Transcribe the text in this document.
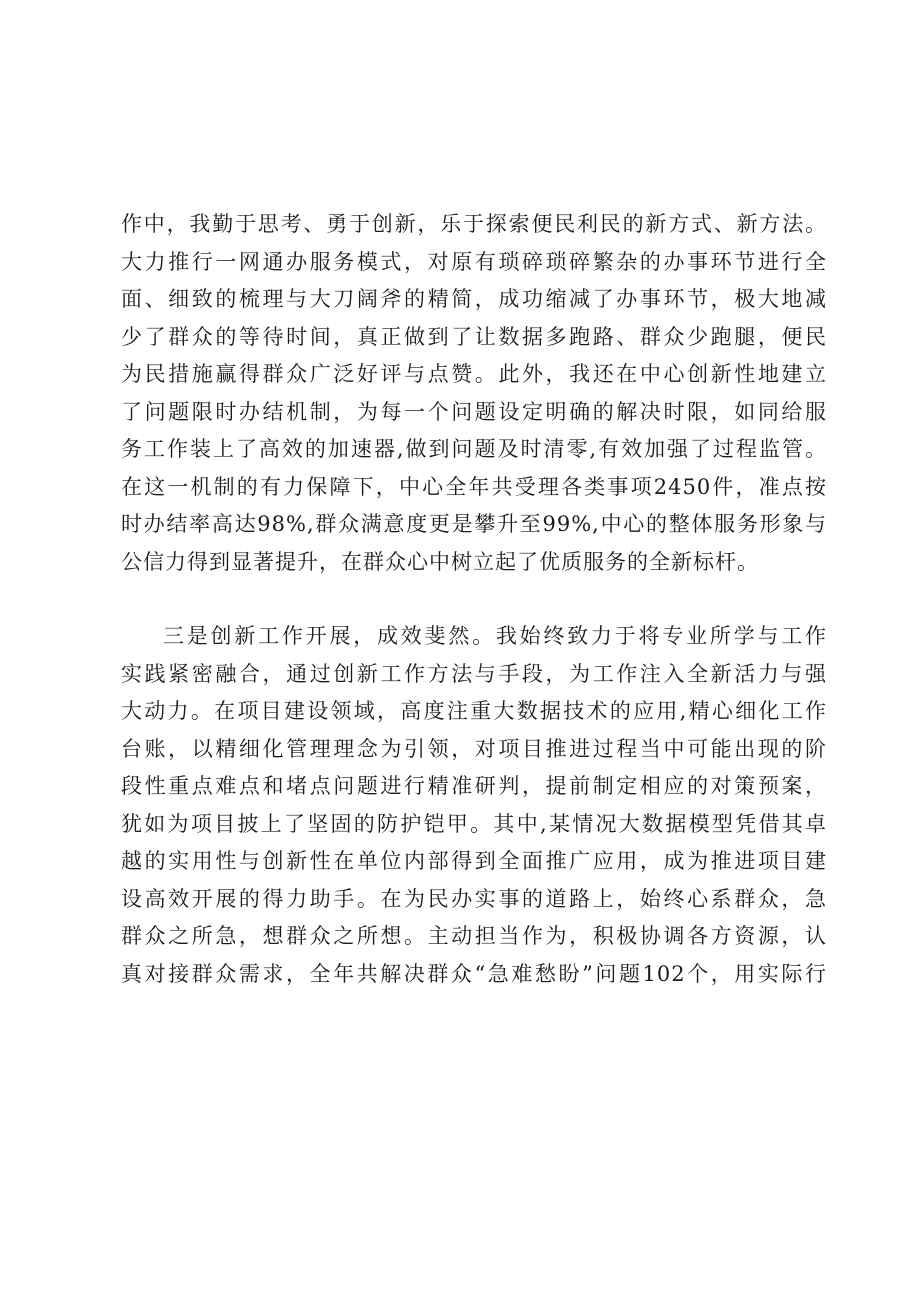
作中，我勤于思考、勇于创新，乐于探索便民利民的新方式、新方法。
大力推行一网通办服务模式，对原有琐碎琐碎繁杂的办事环节进行全
面、细致的梳理与大刀阔斧的精简，成功缩减了办事环节，极大地减
少了群众的等待时间，真正做到了让数据多跑路、群众少跑腿，便民
为民措施赢得群众广泛好评与点赞。此外，我还在中心创新性地建立
了问题限时办结机制，为每一个问题设定明确的解决时限，如同给服
务工作装上了高效的加速器,做到问题及时清零,有效加强了过程监管。
在这一机制的有力保障下，中心全年共受理各类事项2450件，准点按
时办结率高达98%,群众满意度更是攀升至99%,中心的整体服务形象与
公信力得到显著提升，在群众心中树立起了优质服务的全新标杆。
三是创新工作开展，成效斐然。我始终致力于将专业所学与工作
实践紧密融合，通过创新工作方法与手段，为工作注入全新活力与强
大动力。在项目建设领域，高度注重大数据技术的应用,精心细化工作
台账，以精细化管理理念为引领，对项目推进过程当中可能出现的阶
段性重点难点和堵点问题进行精准研判，提前制定相应的对策预案，
犹如为项目披上了坚固的防护铠甲。其中,某情况大数据模型凭借其卓
越的实用性与创新性在单位内部得到全面推广应用，成为推进项目建
设高效开展的得力助手。在为民办实事的道路上，始终心系群众，急
群众之所急，想群众之所想。主动担当作为，积极协调各方资源，认
真对接群众需求，全年共解决群众“急难愁盼”问题102个，用实际行
